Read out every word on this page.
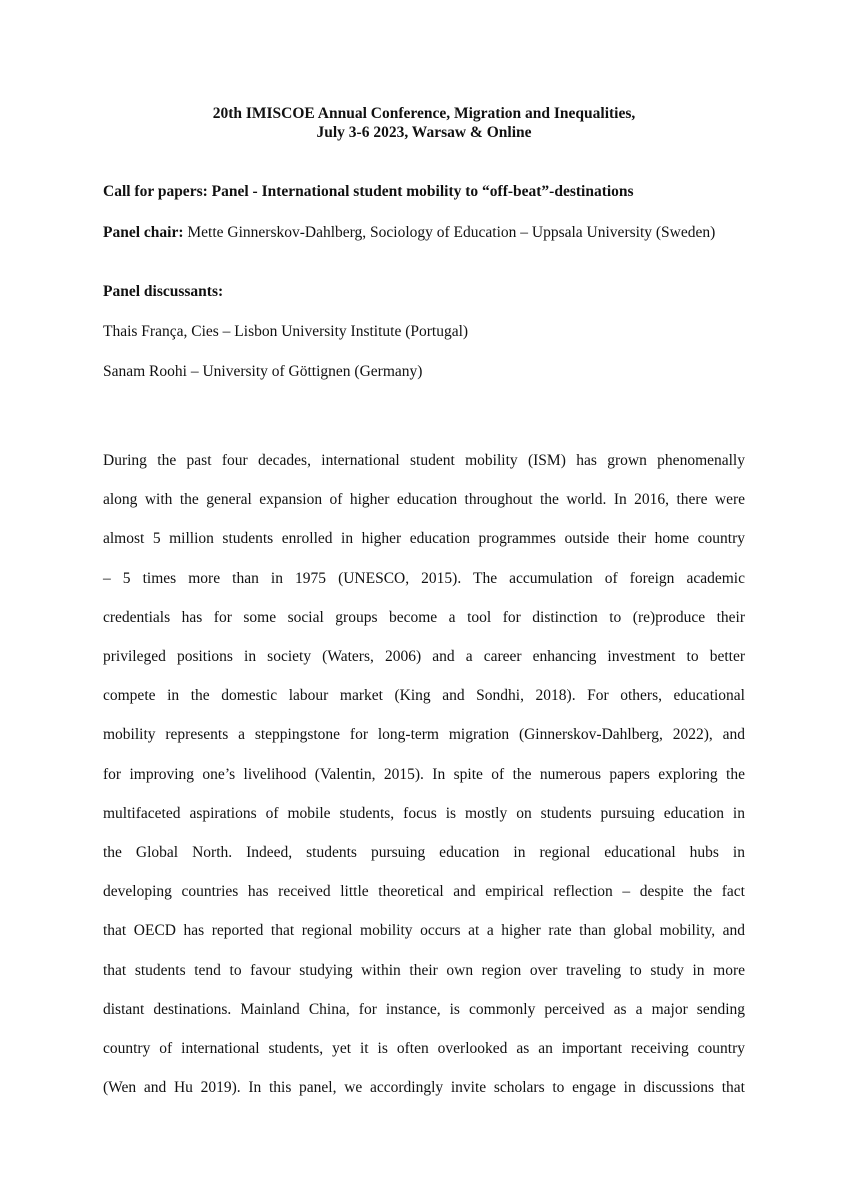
20th IMISCOE Annual Conference, Migration and Inequalities,
July 3-6 2023, Warsaw & Online
Call for papers: Panel - International student mobility to “off-beat”-destinations
Panel chair: Mette Ginnerskov-Dahlberg, Sociology of Education – Uppsala University (Sweden)
Panel discussants:
Thais França, Cies – Lisbon University Institute (Portugal)
Sanam Roohi – University of Göttignen (Germany)
During the past four decades, international student mobility (ISM) has grown phenomenally
along with the general expansion of higher education throughout the world. In 2016, there were
almost 5 million students enrolled in higher education programmes outside their home country
– 5 times more than in 1975 (UNESCO, 2015). The accumulation of foreign academic
credentials has for some social groups become a tool for distinction to (re)produce their
privileged positions in society (Waters, 2006) and a career enhancing investment to better
compete in the domestic labour market (King and Sondhi, 2018). For others, educational
mobility represents a steppingstone for long-term migration (Ginnerskov-Dahlberg, 2022), and
for improving one’s livelihood (Valentin, 2015). In spite of the numerous papers exploring the
multifaceted aspirations of mobile students, focus is mostly on students pursuing education in
the Global North. Indeed, students pursuing education in regional educational hubs in
developing countries has received little theoretical and empirical reflection – despite the fact
that OECD has reported that regional mobility occurs at a higher rate than global mobility, and
that students tend to favour studying within their own region over traveling to study in more
distant destinations. Mainland China, for instance, is commonly perceived as a major sending
country of international students, yet it is often overlooked as an important receiving country
(Wen and Hu 2019). In this panel, we accordingly invite scholars to engage in discussions that
